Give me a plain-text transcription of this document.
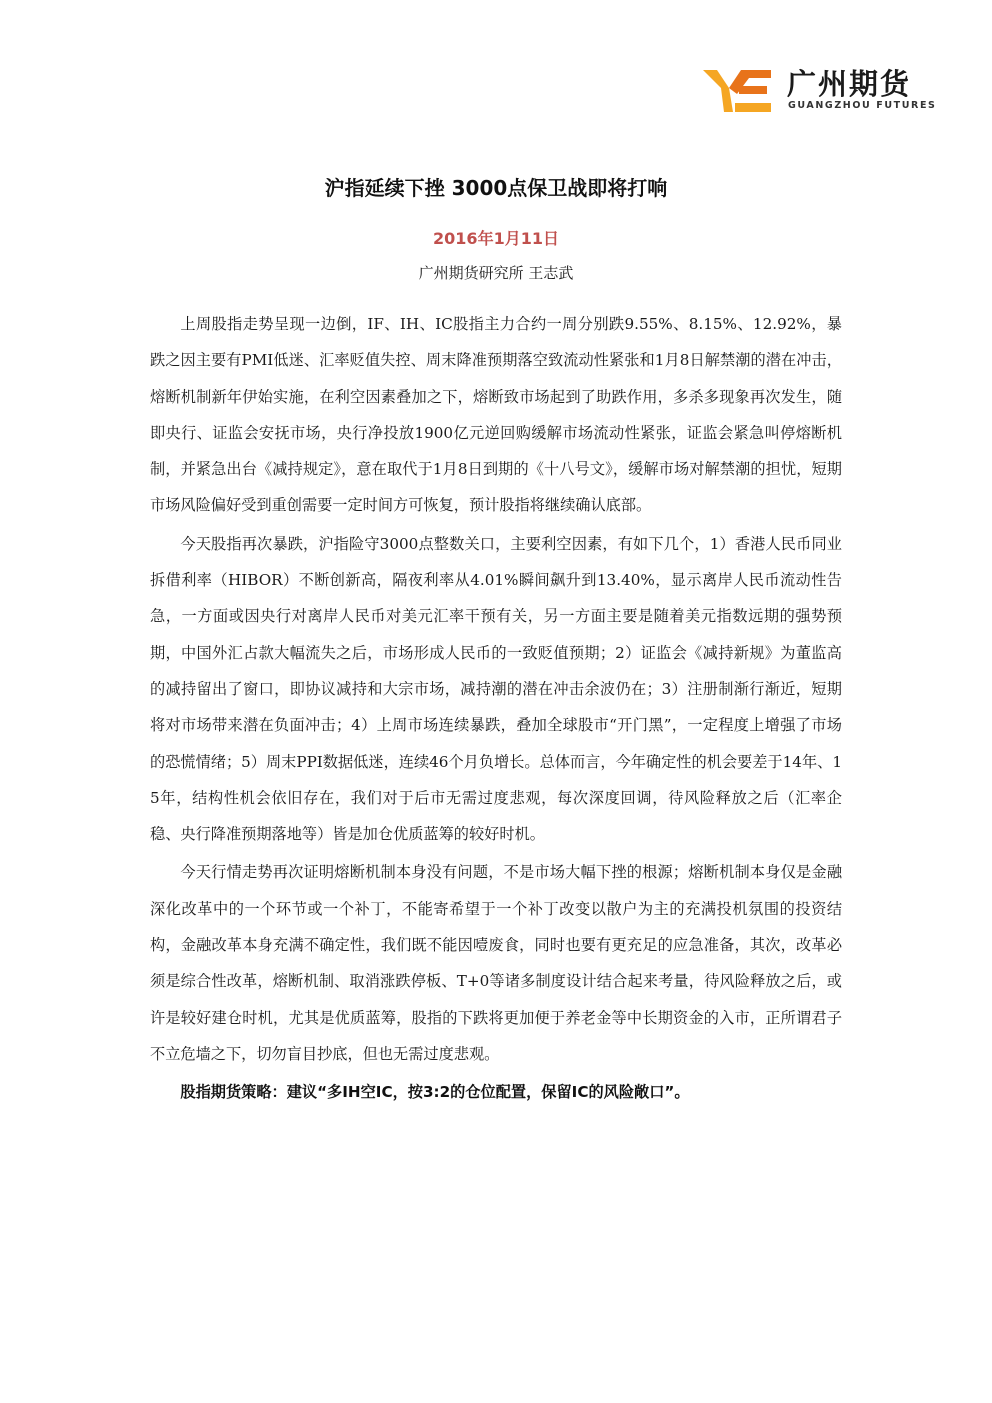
广州期货
GUANGZHOU FUTURES
沪指延续下挫 3000点保卫战即将打响
2016年1月11日
广州期货研究所 王志武

上周股指走势呈现一边倒，IF、IH、IC股指主力合约一周分别跌9.55%、8.15%、12.92%，暴跌之因主要有PMI低迷、汇率贬值失控、周末降准预期落空致流动性紧张和1月8日解禁潮的潜在冲击，熔断机制新年伊始实施，在利空因素叠加之下，熔断致市场起到了助跌作用，多杀多现象再次发生，随即央行、证监会安抚市场，央行净投放1900亿元逆回购缓解市场流动性紧张，证监会紧急叫停熔断机制，并紧急出台《减持规定》，意在取代于1月8日到期的《十八号文》，缓解市场对解禁潮的担忧，短期市场风险偏好受到重创需要一定时间方可恢复，预计股指将继续确认底部。

今天股指再次暴跌，沪指险守3000点整数关口，主要利空因素，有如下几个，1）香港人民币同业拆借利率（HIBOR）不断创新高，隔夜利率从4.01%瞬间飙升到13.40%，显示离岸人民币流动性告急，一方面或因央行对离岸人民币对美元汇率干预有关，另一方面主要是随着美元指数远期的强势预期，中国外汇占款大幅流失之后，市场形成人民币的一致贬值预期；2）证监会《减持新规》为董监高的减持留出了窗口，即协议减持和大宗市场，减持潮的潜在冲击余波仍在；3）注册制渐行渐近，短期将对市场带来潜在负面冲击；4）上周市场连续暴跌，叠加全球股市“开门黑”，一定程度上增强了市场的恐慌情绪；5）周末PPI数据低迷，连续46个月负增长。总体而言，今年确定性的机会要差于14年、15年，结构性机会依旧存在，我们对于后市无需过度悲观，每次深度回调，待风险释放之后（汇率企稳、央行降准预期落地等）皆是加仓优质蓝筹的较好时机。

今天行情走势再次证明熔断机制本身没有问题，不是市场大幅下挫的根源；熔断机制本身仅是金融深化改革中的一个环节或一个补丁，不能寄希望于一个补丁改变以散户为主的充满投机氛围的投资结构，金融改革本身充满不确定性，我们既不能因噎废食，同时也要有更充足的应急准备，其次，改革必须是综合性改革，熔断机制、取消涨跌停板、T+0等诸多制度设计结合起来考量，待风险释放之后，或许是较好建仓时机，尤其是优质蓝筹，股指的下跌将更加便于养老金等中长期资金的入市，正所谓君子不立危墙之下，切勿盲目抄底，但也无需过度悲观。

股指期货策略：建议“多IH空IC，按3:2的仓位配置，保留IC的风险敞口”。
